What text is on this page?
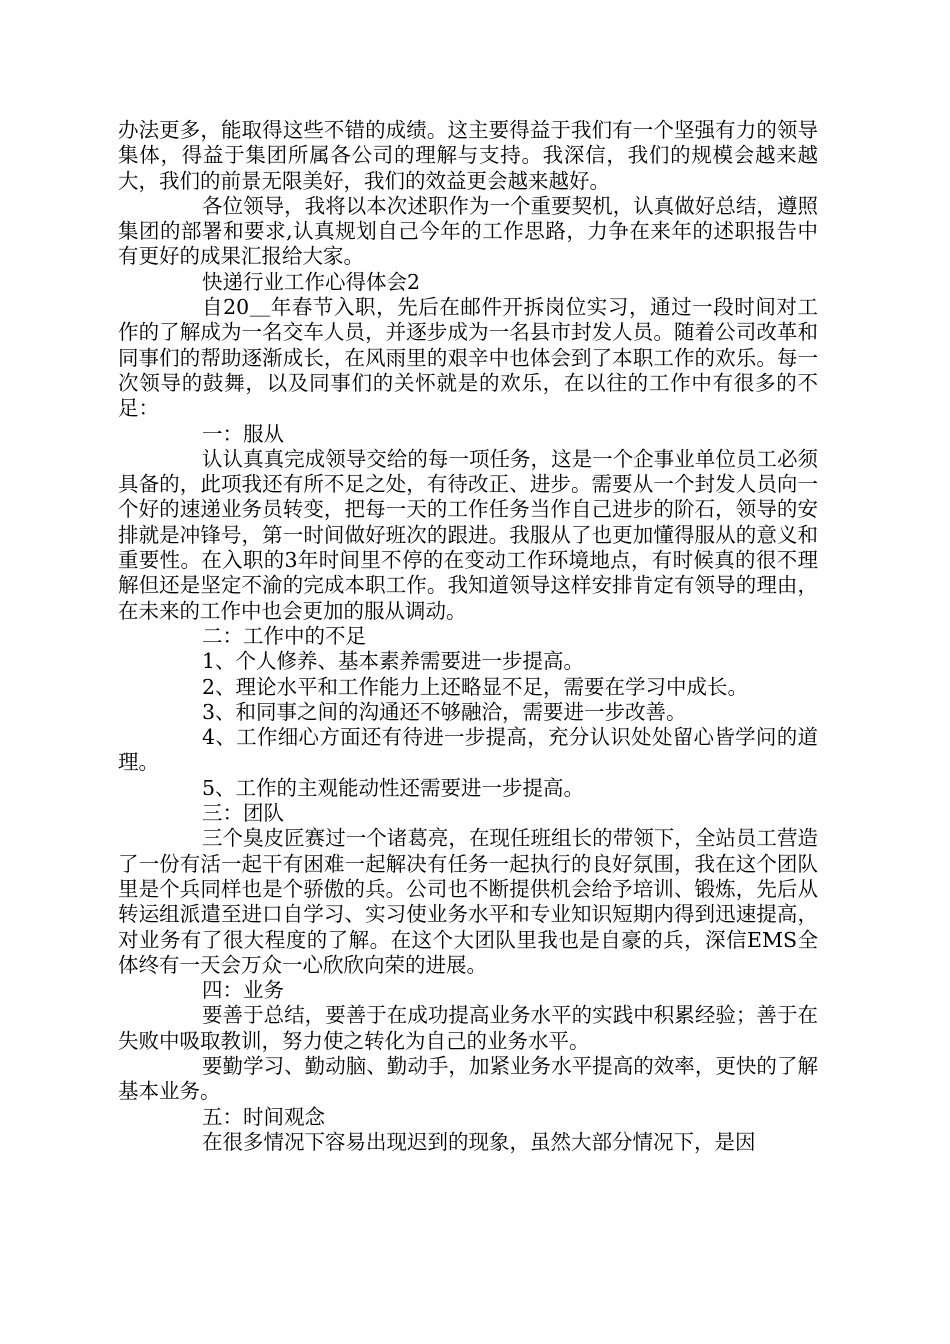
办法更多，能取得这些不错的成绩。这主要得益于我们有一个坚强有力的领导集体，得益于集团所属各公司的理解与支持。我深信，我们的规模会越来越大，我们的前景无限美好，我们的效益更会越来越好。

各位领导，我将以本次述职作为一个重要契机，认真做好总结，遵照集团的部署和要求,认真规划自己今年的工作思路，力争在来年的述职报告中有更好的成果汇报给大家。

快递行业工作心得体会2

自20＿年春节入职，先后在邮件开拆岗位实习，通过一段时间对工作的了解成为一名交车人员，并逐步成为一名县市封发人员。随着公司改革和同事们的帮助逐渐成长，在风雨里的艰辛中也体会到了本职工作的欢乐。每一次领导的鼓舞，以及同事们的关怀就是的欢乐，在以往的工作中有很多的不足：

一：服从

认认真真完成领导交给的每一项任务，这是一个企事业单位员工必须具备的，此项我还有所不足之处，有待改正、进步。需要从一个封发人员向一个好的速递业务员转变，把每一天的工作任务当作自己进步的阶石，领导的安排就是冲锋号，第一时间做好班次的跟进。我服从了也更加懂得服从的意义和重要性。在入职的3年时间里不停的在变动工作环境地点，有时候真的很不理解但还是坚定不渝的完成本职工作。我知道领导这样安排肯定有领导的理由，在未来的工作中也会更加的服从调动。

二：工作中的不足

1、个人修养、基本素养需要进一步提高。

2、理论水平和工作能力上还略显不足，需要在学习中成长。

3、和同事之间的沟通还不够融洽，需要进一步改善。

4、工作细心方面还有待进一步提高，充分认识处处留心皆学问的道理。

5、工作的主观能动性还需要进一步提高。

三：团队

三个臭皮匠赛过一个诸葛亮，在现任班组长的带领下，全站员工营造了一份有活一起干有困难一起解决有任务一起执行的良好氛围，我在这个团队里是个兵同样也是个骄傲的兵。公司也不断提供机会给予培训、锻炼，先后从转运组派遣至进口自学习、实习使业务水平和专业知识短期内得到迅速提高，对业务有了很大程度的了解。在这个大团队里我也是自豪的兵，深信EMS全体终有一天会万众一心欣欣向荣的进展。

四：业务

要善于总结，要善于在成功提高业务水平的实践中积累经验；善于在失败中吸取教训，努力使之转化为自己的业务水平。

要勤学习、勤动脑、勤动手，加紧业务水平提高的效率，更快的了解基本业务。

五：时间观念

在很多情况下容易出现迟到的现象，虽然大部分情况下，是因
